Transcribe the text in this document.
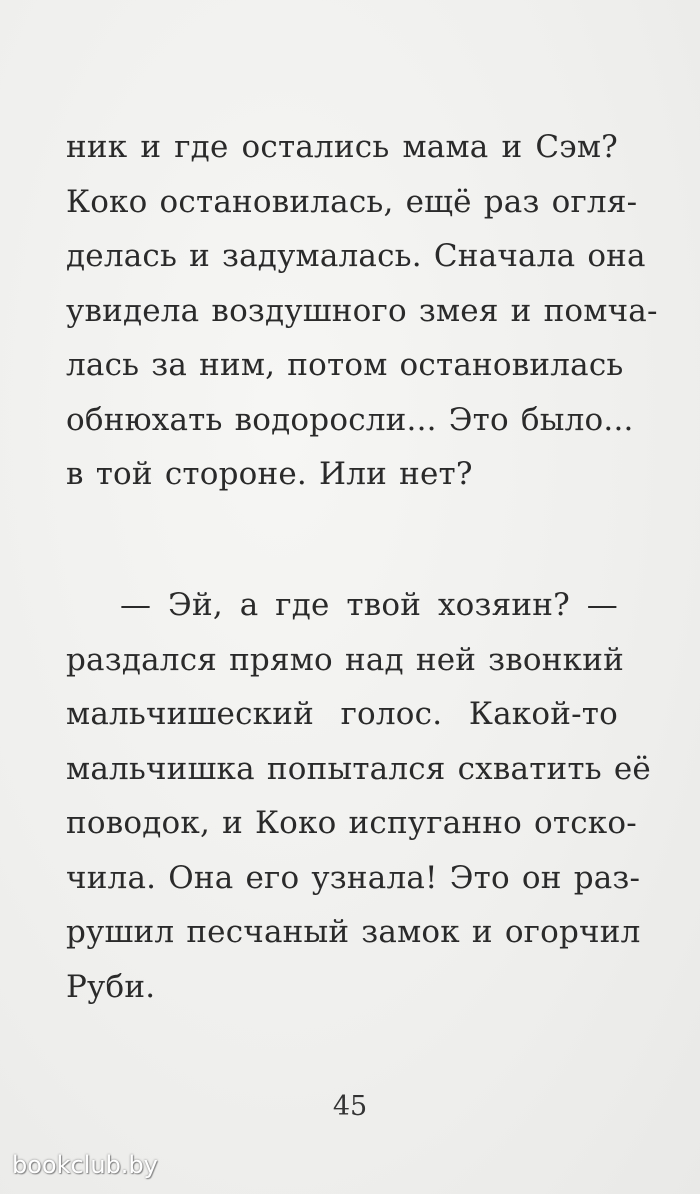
ник и где остались мама и Сэм?
Коко остановилась, ещё раз огля-
делась и задумалась. Сначала она
увидела воздушного змея и помча-
лась за ним, потом остановилась
обнюхать водоросли... Это было...
в той стороне. Или нет?
— Эй, а где твой хозяин? —
раздался прямо над ней звонкий
мальчишеский голос. Какой-то
мальчишка попытался схватить её
поводок, и Коко испуганно отско-
чила. Она его узнала! Это он раз-
рушил песчаный замок и огорчил
Руби.
45
bookclub.by
